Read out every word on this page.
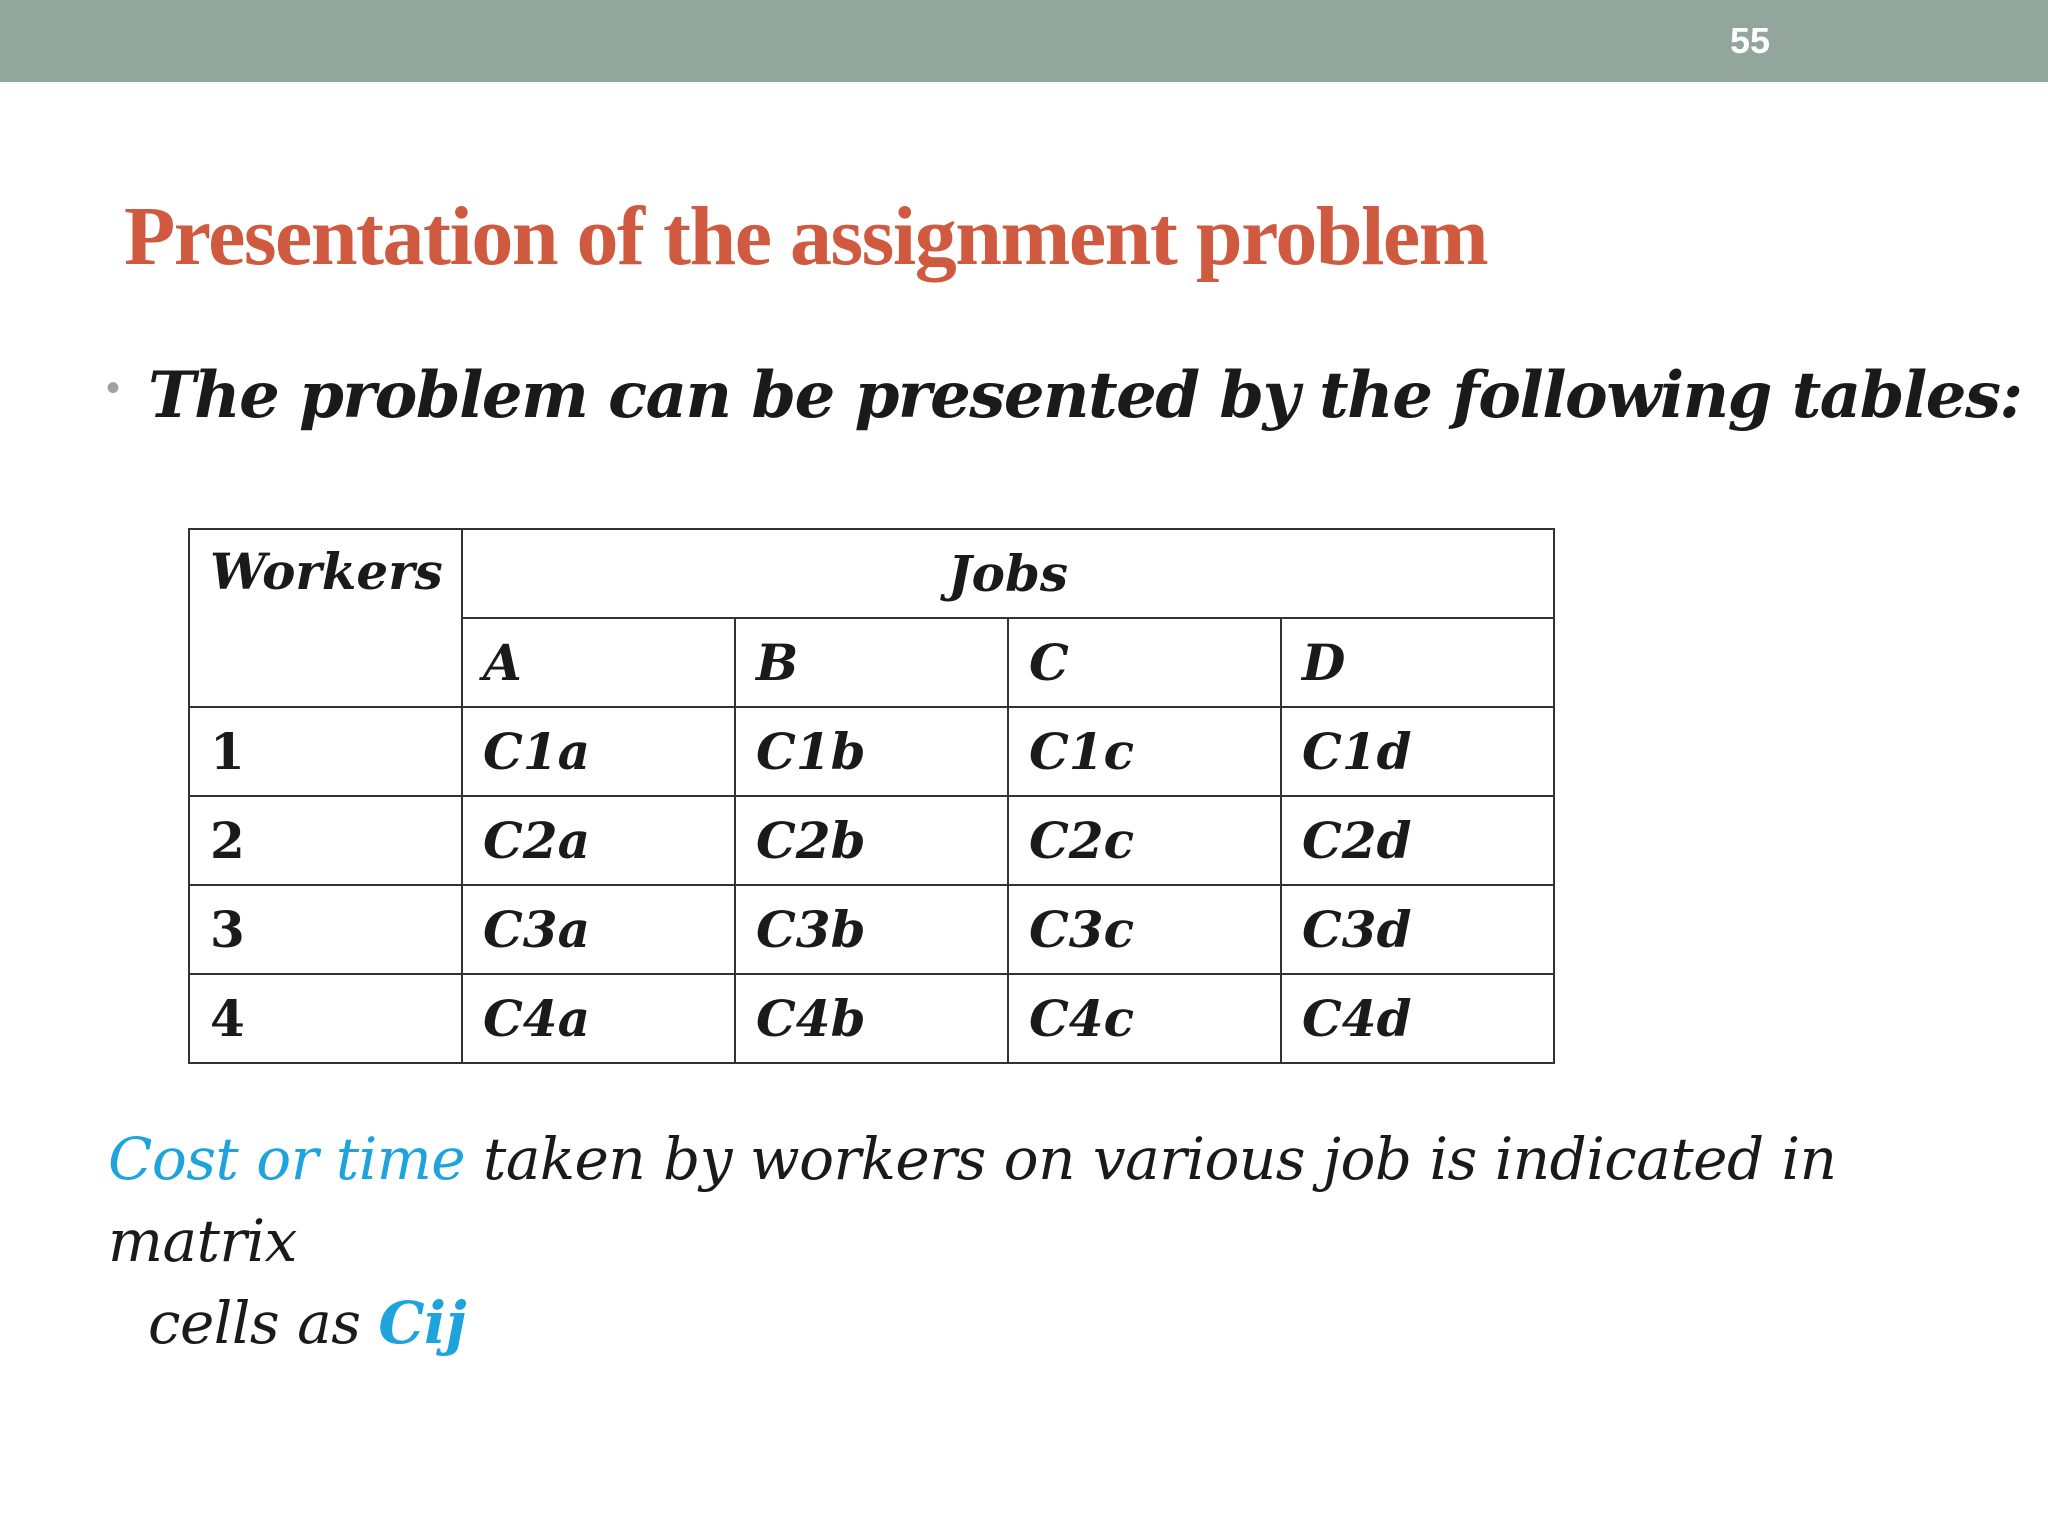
55
Presentation of the assignment problem
• The problem can be presented by the following tables:
Workers	Jobs			
	A	B	C	D
1	C1a	C1b	C1c	C1d
2	C2a	C2b	C2c	C2d
3	C3a	C3b	C3c	C3d
4	C4a	C4b	C4c	C4d
Cost or time taken by workers on various job is indicated in matrix
cells as Cij
